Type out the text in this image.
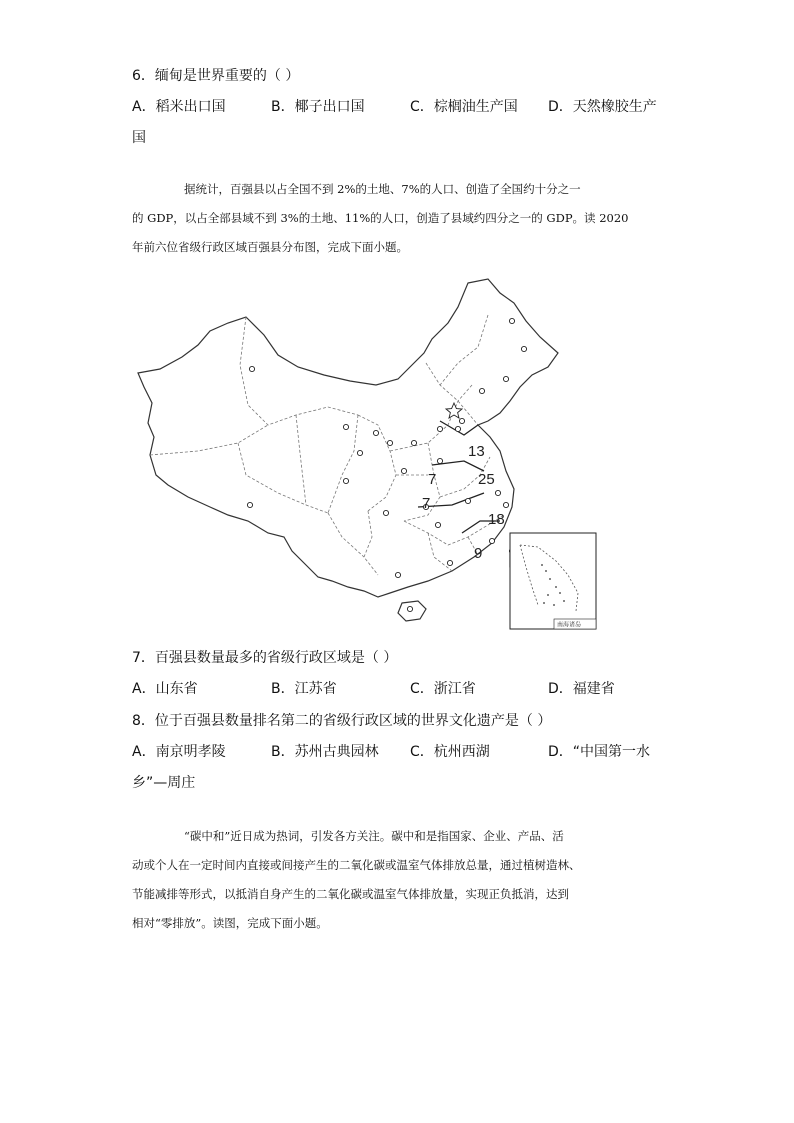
6．缅甸是世界重要的（ ）
A．稻米出口国	B．椰子出口国	C．棕榈油生产国 D．天然橡胶生产
国
据统计，百强县以占全国不到 2%的土地、7%的人口、创造了全国约十分之一
的 GDP，以占全部县域不到 3%的土地、11%的人口，创造了县域约四分之一的 GDP。读 2020
年前六位省级行政区域百强县分布图，完成下面小题。
13
7	25
7
18
9
南海诸岛
7．百强县数量最多的省级行政区域是（ ）
A．山东省	B．江苏省	C．浙江省	D．福建省
8．位于百强县数量排名第二的省级行政区域的世界文化遗产是（ ）
A．南京明孝陵	B．苏州古典园林 C．杭州西湖	D．“中国第一水
乡”—周庄
“碳中和”近日成为热词，引发各方关注。碳中和是指国家、企业、产品、活
动或个人在一定时间内直接或间接产生的二氧化碳或温室气体排放总量，通过植树造林、
节能减排等形式，以抵消自身产生的二氧化碳或温室气体排放量，实现正负抵消，达到
相对“零排放”。读图，完成下面小题。
